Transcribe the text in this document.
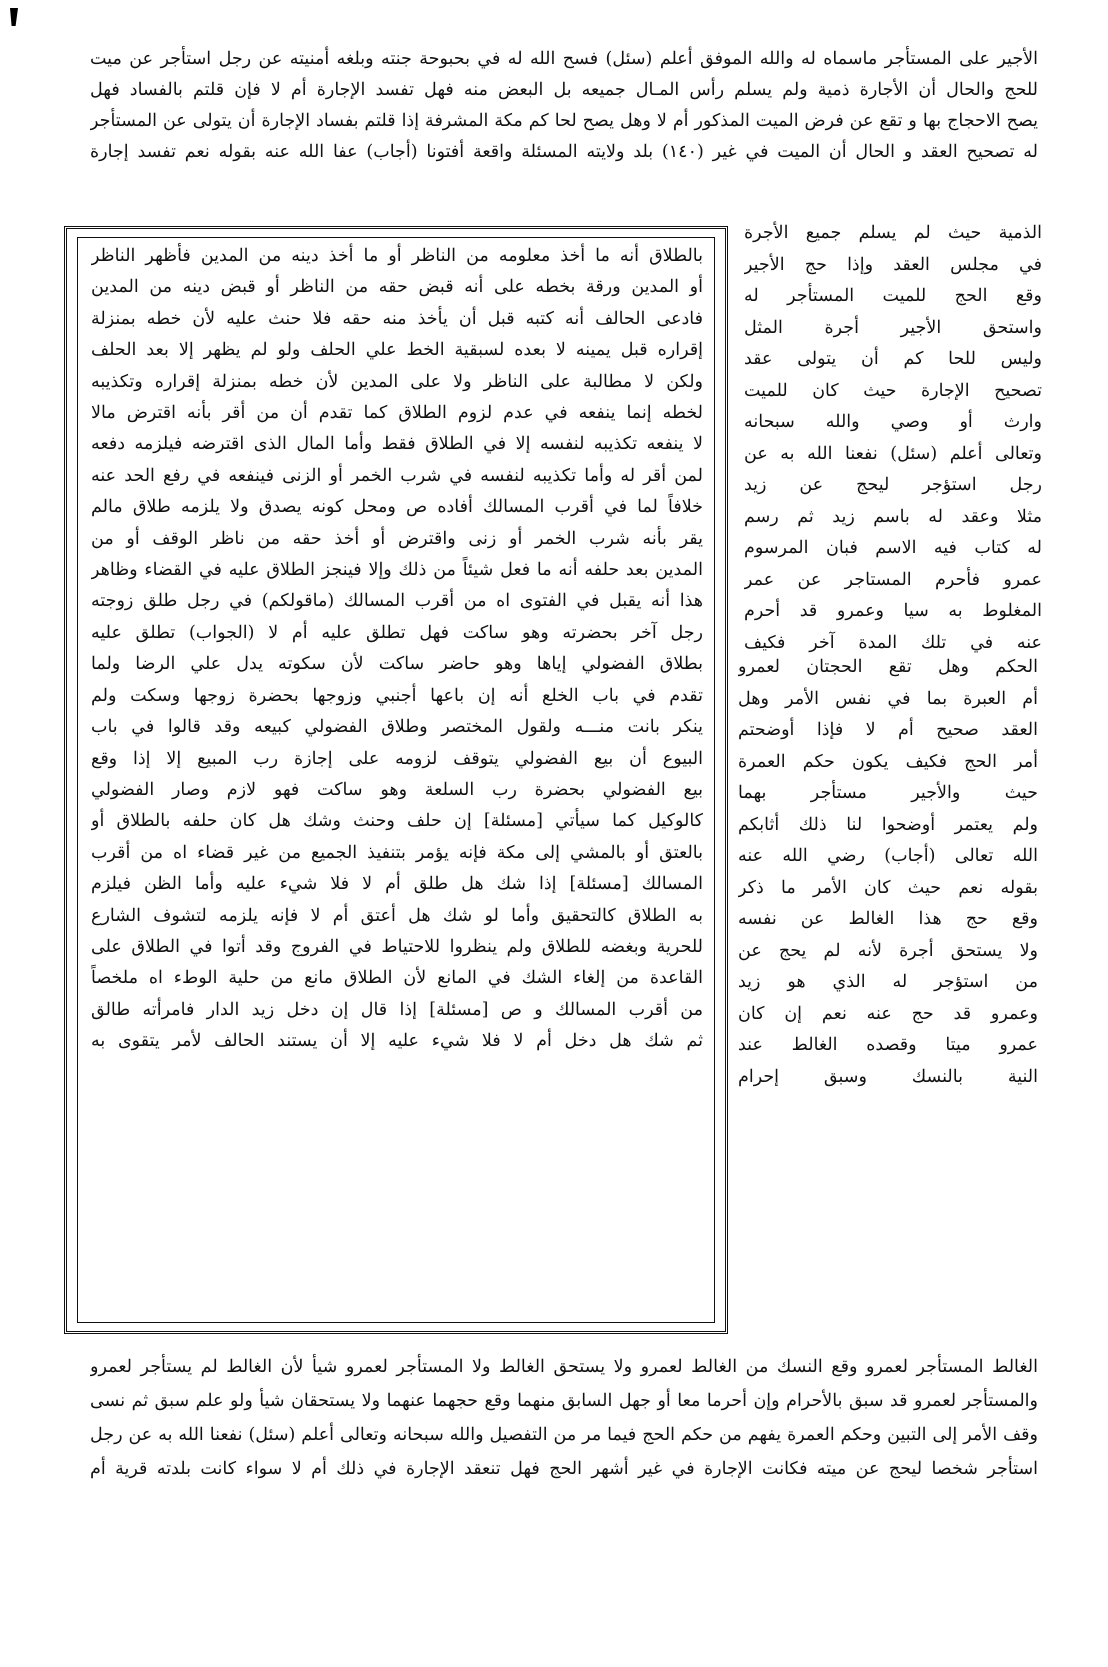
الأجير على المستأجر ماسماه له والله الموفق أعلم (سئل) فسح الله له في بحبوحة جنته وبلغه أمنيته عن رجل استأجر عن ميت

للحج والحال أن الأجارة ذمية ولم يسلم رأس المـال جميعه بل البعض منه فهل تفسد الإجارة أم لا فإن قلتم بالفساد فهل

يصح الاحجاج بها و تقع عن فرض الميت المذكور أم لا وهل يصح لحا كم مكة المشرفة إذا قلتم بفساد الإجارة أن يتولى عن المستأجر

له تصحيح العقد و الحال أن الميت في غير (١٤٠) بلد ولايته المسئلة واقعة أفتونا (أجاب) عفا الله عنه بقوله نعم تفسد إجارة

الذمية حيث لم يسلم جميع الأجرة

في مجلس العقد وإذا حج الأجير

وقع الحج للميت المستأجر له

واستحق الأجير أجرة المثل

وليس للحا كم أن يتولى عقد

تصحيح الإجارة حيث كان للميت

وارث أو وصي والله سبحانه

وتعالى أعلم (سئل) نفعنا الله به عن

رجل استؤجر ليحج عن زيد

مثلا وعقد له باسم زيد ثم رسم

له كتاب فيه الاسم فبان المرسوم

عمرو فأحرم المستاجر عن عمر

المغلوط به سيا وعمرو قد أحرم

عنه في تلك المدة آخر فكيف

الحكم وهل تقع الحجتان لعمرو

أم العبرة بما في نفس الأمر وهل

العقد صحيح أم لا فإذا أوضحتم

أمر الحج فكيف يكون حكم العمرة

حيث والأجير مستأجر بهما

ولم يعتمر أوضحوا لنا ذلك أثابكم

الله تعالى (أجاب) رضي الله عنه

بقوله نعم حيث كان الأمر ما ذكر

وقع حج هذا الغالط عن نفسه

ولا يستحق أجرة لأنه لم يحج عن

من استؤجر له الذي هو زيد

وعمرو قد حج عنه نعم إن كان

عمرو ميتا وقصده الغالط عند

النية بالنسك وسبق إحرام

بالطلاق أنه ما أخذ معلومه من الناظر أو ما أخذ دينه من المدين فأظهر الناظر

أو المدين ورقة بخطه على أنه قبض حقه من الناظر أو قبض دينه من المدين

فادعى الحالف أنه كتبه قبل أن يأخذ منه حقه فلا حنث عليه لأن خطه بمنزلة

إقراره قبل يمينه لا بعده لسبقية الخط علي الحلف ولو لم يظهر إلا بعد الحلف

ولكن لا مطالبة على الناظر ولا على المدين لأن خطه بمنزلة إقراره وتكذيبه

لخطه إنما ينفعه في عدم لزوم الطلاق كما تقدم أن من أقر بأنه اقترض مالا

لا ينفعه تكذيبه لنفسه إلا في الطلاق فقط وأما المال الذى اقترضه فيلزمه دفعه

لمن أقر له وأما تكذيبه لنفسه في شرب الخمر أو الزنى فينفعه في رفع الحد عنه

خلافاً لما في أقرب المسالك أفاده ص ومحل كونه يصدق ولا يلزمه طلاق مالم

يقر بأنه شرب الخمر أو زنى واقترض أو أخذ حقه من ناظر الوقف أو من

المدين بعد حلفه أنه ما فعل شيئاً من ذلك وإلا فينجز الطلاق عليه في القضاء وظاهر

هذا أنه يقبل في الفتوى اه من أقرب المسالك (ماقولكم) في رجل طلق زوجته

رجل آخر بحضرته وهو ساكت فهل تطلق عليه أم لا (الجواب) تطلق عليه

بطلاق الفضولي إياها وهو حاضر ساكت لأن سكوته يدل علي الرضا ولما

تقدم في باب الخلع أنه إن باعها أجنبي وزوجها بحضرة زوجها وسكت ولم

ينكر بانت منـــه ولقول المختصر وطلاق الفضولي كبيعه وقد قالوا في باب

البيوع أن بيع الفضولي يتوقف لزومه على إجازة رب المبيع إلا إذا وقع

بيع الفضولي بحضرة رب السلعة وهو ساكت فهو لازم وصار الفضولي

كالوكيل كما سيأتي [مسئلة] إن حلف وحنث وشك هل كان حلفه بالطلاق أو

بالعتق أو بالمشي إلى مكة فإنه يؤمر بتنفيذ الجميع من غير قضاء اه من أقرب

المسالك [مسئلة] إذا شك هل طلق أم لا فلا شيء عليه وأما الظن فيلزم

به الطلاق كالتحقيق وأما لو شك هل أعتق أم لا فإنه يلزمه لتشوف الشارع

للحرية وبغضه للطلاق ولم ينظروا للاحتياط في الفروج وقد أتوا في الطلاق على

القاعدة من إلغاء الشك في المانع لأن الطلاق مانع من حلية الوطء اه ملخصاً

من أقرب المسالك و ص [مسئلة] إذا قال إن دخل زيد الدار فامرأته طالق

ثم شك هل دخل أم لا فلا شيء عليه إلا أن يستند الحالف لأمر يتقوى به

الغالط المستأجر لعمرو وقع النسك من الغالط لعمرو ولا يستحق الغالط ولا المستأجر لعمرو شيأ لأن الغالط لم يستأجر لعمرو

والمستأجر لعمرو قد سبق بالأحرام وإن أحرما معا أو جهل السابق منهما وقع حجهما عنهما ولا يستحقان شيأ ولو علم سبق ثم نسى

وقف الأمر إلى التبين وحكم العمرة يفهم من حكم الحج فيما مر من التفصيل والله سبحانه وتعالى أعلم (سئل) نفعنا الله به عن رجل

استأجر شخصا ليحج عن ميته فكانت الإجارة في غير أشهر الحج فهل تنعقد الإجارة في ذلك أم لا سواء كانت بلدته قرية أم
